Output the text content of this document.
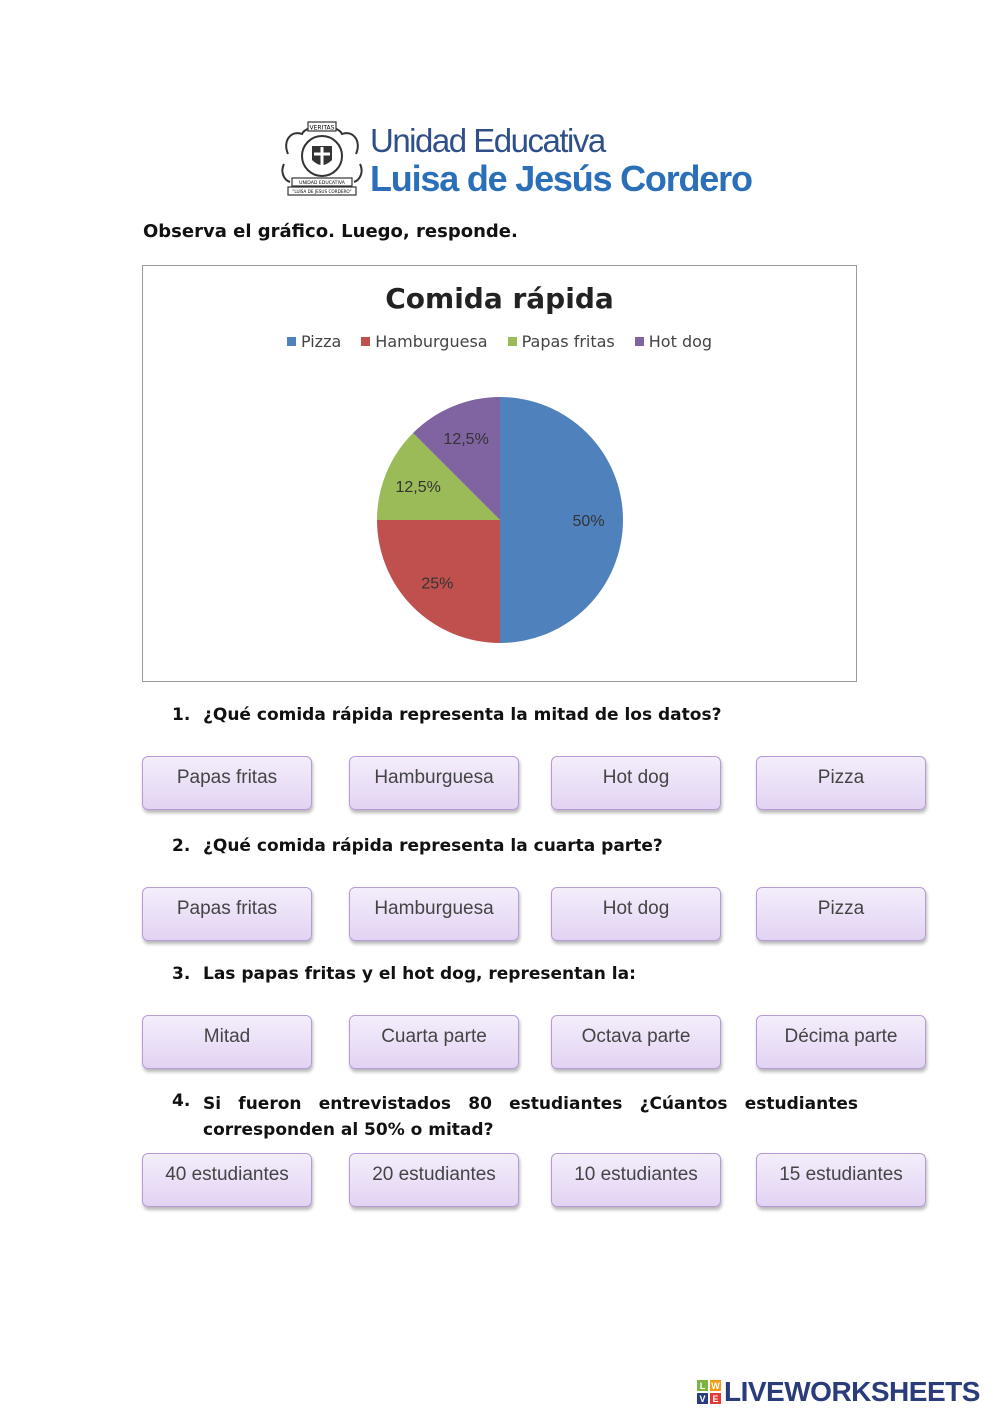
VERITAS
UNIDAD EDUCATIVA
"LUISA DE JESUS CORDERO"
Unidad Educativa
Luisa de Jesús Cordero
Observa el gráfico. Luego, responde.
Comida rápida
Pizza Hamburguesa Papas fritas Hot dog
50%
25%
12,5%
12,5%
1. ¿Qué comida rápida representa la mitad de los datos?
Papas fritas	Hamburguesa	Hot dog	Pizza
2. ¿Qué comida rápida representa la cuarta parte?
Papas fritas	Hamburguesa	Hot dog	Pizza
3. Las papas fritas y el hot dog, representan la:
Mitad	Cuarta parte	Octava parte	Décima parte
4. Si fueron entrevistados 80 estudiantes ¿Cúantos estudiantes corresponden al 50% o mitad?
40 estudiantes	20 estudiantes	10 estudiantes	15 estudiantes
L W
V E LIVEWORKSHEETS
